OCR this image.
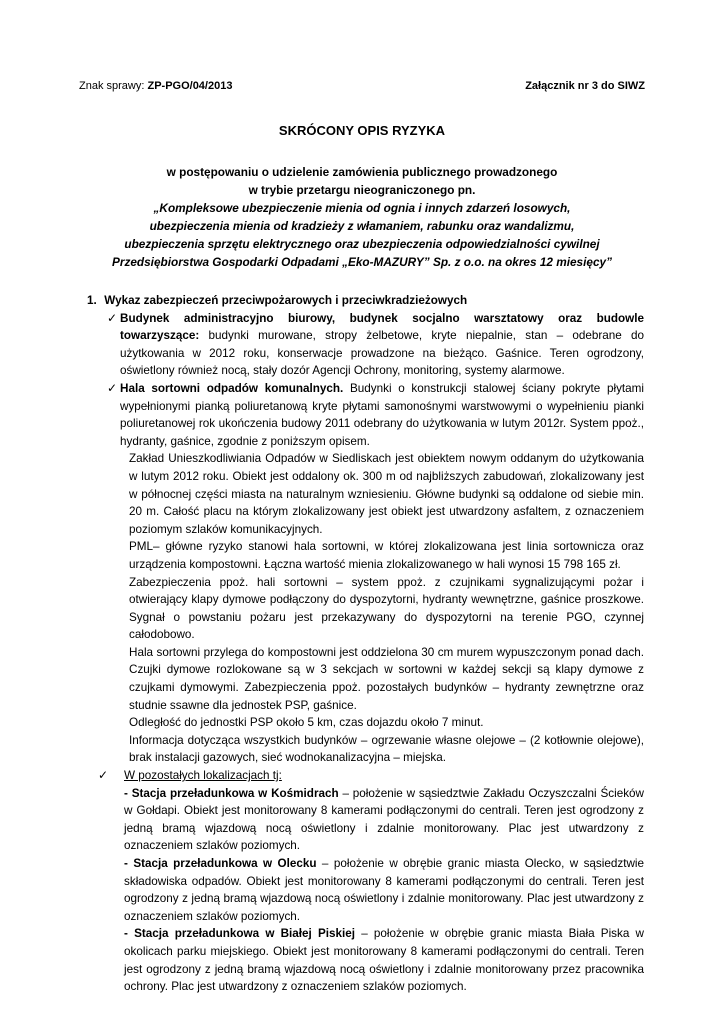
Znak sprawy: ZP-PGO/04/2013	Załącznik nr 3 do SIWZ
SKRÓCONY OPIS RYZYKA
w postępowaniu o udzielenie zamówienia publicznego prowadzonego
w trybie przetargu nieograniczonego pn.
„Kompleksowe ubezpieczenie mienia od ognia i innych zdarzeń losowych,
ubezpieczenia mienia od kradzieży z włamaniem, rabunku oraz wandalizmu,
ubezpieczenia sprzętu elektrycznego oraz ubezpieczenia odpowiedzialności cywilnej
Przedsiębiorstwa Gospodarki Odpadami „Eko-MAZURY” Sp. z o.o. na okres 12 miesięcy”
1. Wykaz zabezpieczeń przeciwpożarowych i przeciwkradzieżowych
✓ Budynek administracyjno biurowy, budynek socjalno warsztatowy oraz budowle towarzyszące: budynki murowane, stropy żelbetowe, kryte niepalnie, stan – odebrane do użytkowania w 2012 roku, konserwacje prowadzone na bieżąco. Gaśnice. Teren ogrodzony, oświetlony również nocą, stały dozór Agencji Ochrony, monitoring, systemy alarmowe.
✓ Hala sortowni odpadów komunalnych. Budynki o konstrukcji stalowej ściany pokryte płytami wypełnionymi pianką poliuretanową kryte płytami samonośnymi warstwowymi o wypełnieniu pianki poliuretanowej rok ukończenia budowy 2011 odebrany do użytkowania w lutym 2012r. System ppoż., hydranty, gaśnice, zgodnie z poniższym opisem.
Zakład Unieszkodliwiania Odpadów w Siedliskach jest obiektem nowym oddanym do użytkowania w lutym 2012 roku. Obiekt jest oddalony ok. 300 m od najbliższych zabudowań, zlokalizowany jest w północnej części miasta na naturalnym wzniesieniu. Główne budynki są oddalone od siebie min. 20 m. Całość placu na którym zlokalizowany jest obiekt jest utwardzony asfaltem, z oznaczeniem poziomym szlaków komunikacyjnych.
PML– główne ryzyko stanowi hala sortowni, w której zlokalizowana jest linia sortownicza oraz urządzenia kompostowni. Łączna wartość mienia zlokalizowanego w hali wynosi 15 798 165 zł.
Zabezpieczenia ppoż. hali sortowni – system ppoż. z czujnikami sygnalizującymi pożar i otwierający klapy dymowe podłączony do dyspozytorni, hydranty wewnętrzne, gaśnice proszkowe. Sygnał o powstaniu pożaru jest przekazywany do dyspozytorni na terenie PGO, czynnej całodobowo.
Hala sortowni przylega do kompostowni jest oddzielona 30 cm murem wypuszczonym ponad dach. Czujki dymowe rozlokowane są w 3 sekcjach w sortowni w każdej sekcji są klapy dymowe z czujkami dymowymi. Zabezpieczenia ppoż. pozostałych budynków – hydranty zewnętrzne oraz studnie ssawne dla jednostek PSP, gaśnice.
Odległość do jednostki PSP około 5 km, czas dojazdu około 7 minut.
Informacja dotycząca wszystkich budynków – ogrzewanie własne olejowe – (2 kotłownie olejowe), brak instalacji gazowych, sieć wodnokanalizacyjna – miejska.
✓ W pozostałych lokalizacjach tj:
- Stacja przeładunkowa w Kośmidrach – położenie w sąsiedztwie Zakładu Oczyszczalni Ścieków w Gołdapi. Obiekt jest monitorowany 8 kamerami podłączonymi do centrali. Teren jest ogrodzony z jedną bramą wjazdową nocą oświetlony i zdalnie monitorowany. Plac jest utwardzony z oznaczeniem szlaków poziomych.
- Stacja przeładunkowa w Olecku – położenie w obrębie granic miasta Olecko, w sąsiedztwie składowiska odpadów. Obiekt jest monitorowany 8 kamerami podłączonymi do centrali. Teren jest ogrodzony z jedną bramą wjazdową nocą oświetlony i zdalnie monitorowany. Plac jest utwardzony z oznaczeniem szlaków poziomych.
- Stacja przeładunkowa w Białej Piskiej – położenie w obrębie granic miasta Biała Piska w okolicach parku miejskiego. Obiekt jest monitorowany 8 kamerami podłączonymi do centrali. Teren jest ogrodzony z jedną bramą wjazdową nocą oświetlony i zdalnie monitorowany przez pracownika ochrony. Plac jest utwardzony z oznaczeniem szlaków poziomych.
